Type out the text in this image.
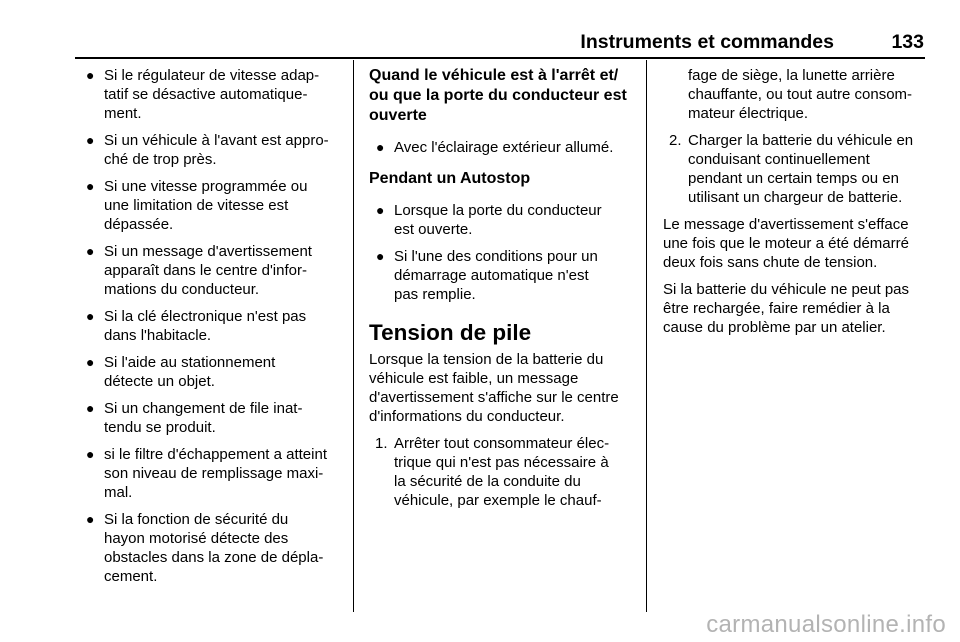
Instruments et commandes	133
● Si le régulateur de vitesse adap-

tatif se désactive automatique-

ment.

● Si un véhicule à l'avant est appro-

ché de trop près.

● Si une vitesse programmée ou

une limitation de vitesse est

dépassée.

● Si un message d'avertissement

apparaît dans le centre d'infor-

mations du conducteur.

● Si la clé électronique n'est pas

dans l'habitacle.

● Si l'aide au stationnement

détecte un objet.

● Si un changement de file inat-

tendu se produit.

● si le filtre d'échappement a atteint

son niveau de remplissage maxi-

mal.

● Si la fonction de sécurité du

hayon motorisé détecte des

obstacles dans la zone de dépla-

cement.

Quand le véhicule est à l'arrêt et/

ou que la porte du conducteur est

ouverte

● Avec l'éclairage extérieur allumé.

Pendant un Autostop

● Lorsque la porte du conducteur

est ouverte.

● Si l'une des conditions pour un

démarrage automatique n'est

pas remplie.

Tension de pile

Lorsque la tension de la batterie du

véhicule est faible, un message

d'avertissement s'affiche sur le centre

d'informations du conducteur.

1. Arrêter tout consommateur élec-

trique qui n'est pas nécessaire à

la sécurité de la conduite du

véhicule, par exemple le chauf-

fage de siège, la lunette arrière

chauffante, ou tout autre consom-

mateur électrique.

2. Charger la batterie du véhicule en

conduisant continuellement

pendant un certain temps ou en

utilisant un chargeur de batterie.

Le message d'avertissement s'efface

une fois que le moteur a été démarré

deux fois sans chute de tension.

Si la batterie du véhicule ne peut pas

être rechargée, faire remédier à la

cause du problème par un atelier.

carmanualsonline.info
